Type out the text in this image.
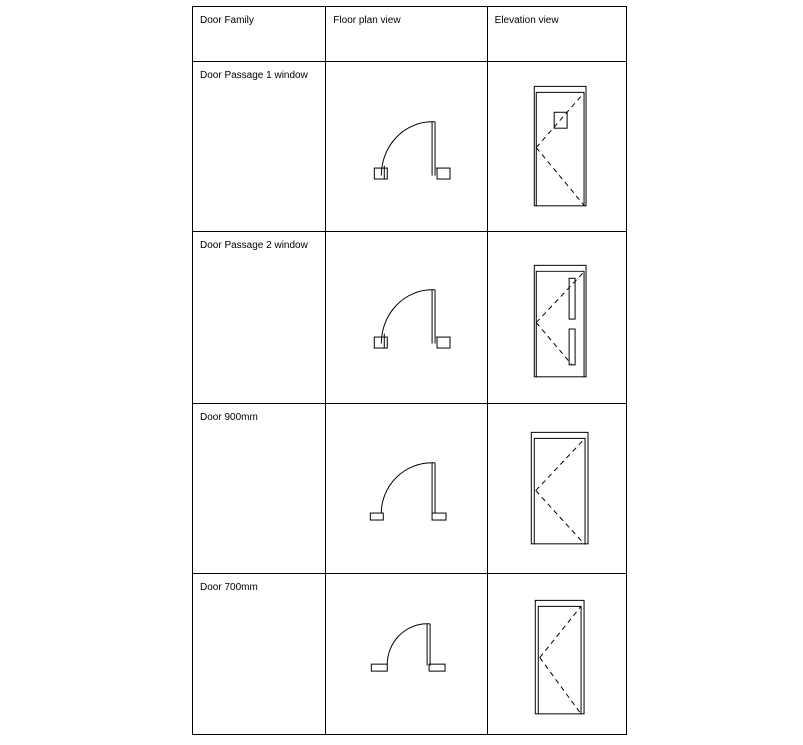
Door Family	Floor plan view	Elevation view

Door Passage 1 window

Door Passage 2 window

Door 900mm

Door 700mm
